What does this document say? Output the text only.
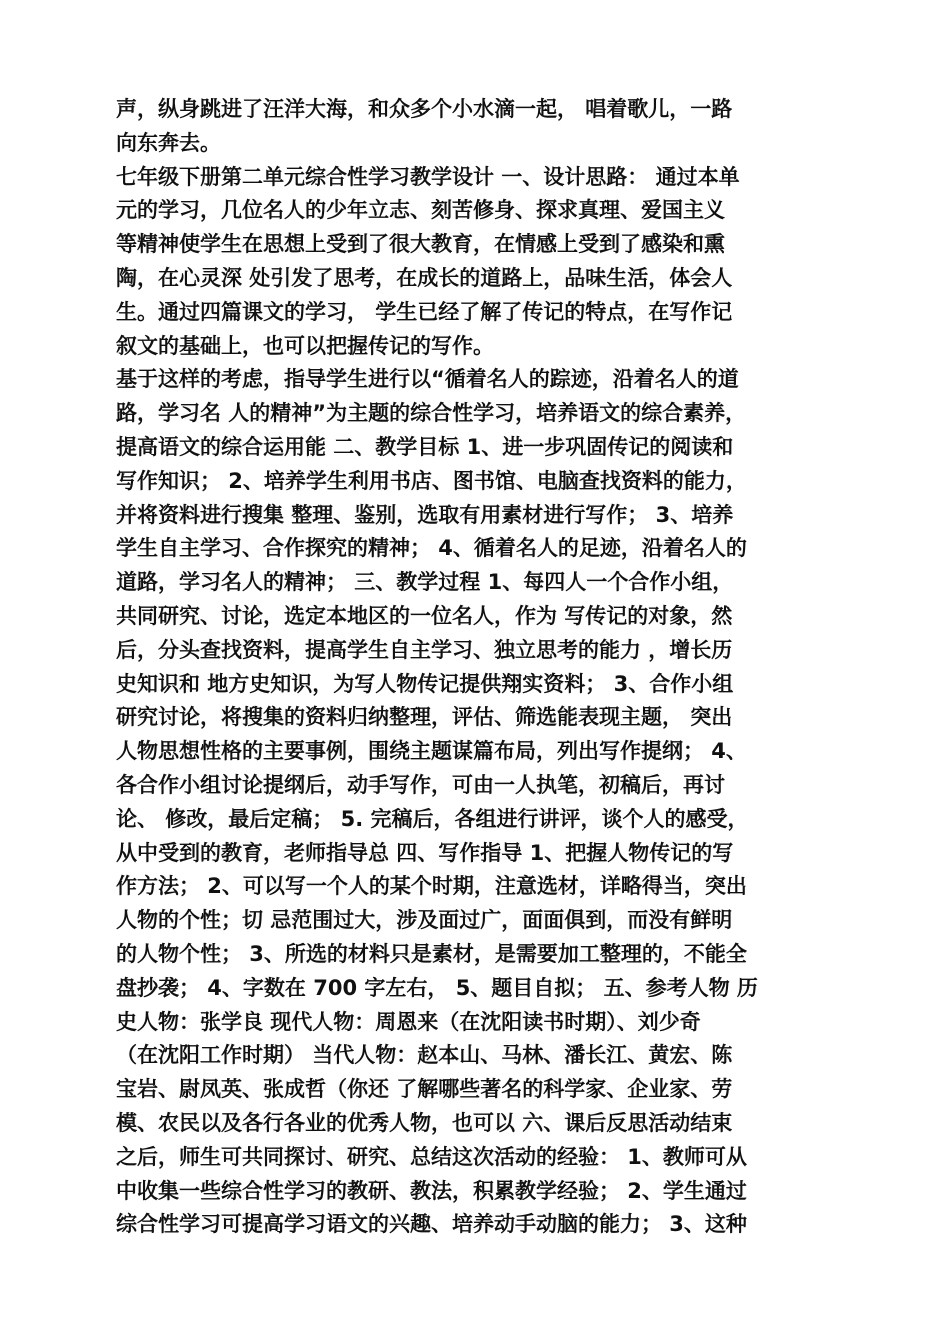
声，纵身跳进了汪洋大海，和众多个小水滴一起， 唱着歌儿，一路
向东奔去。
七年级下册第二单元综合性学习教学设计 一、设计思路： 通过本单
元的学习，几位名人的少年立志、刻苦修身、探求真理、爱国主义
等精神使学生在思想上受到了很大教育，在情感上受到了感染和熏
陶，在心灵深 处引发了思考，在成长的道路上，品味生活，体会人
生。通过四篇课文的学习， 学生已经了解了传记的特点，在写作记
叙文的基础上，也可以把握传记的写作。
基于这样的考虑，指导学生进行以“循着名人的踪迹，沿着名人的道
路，学习名 人的精神”为主题的综合性学习，培养语文的综合素养，
提高语文的综合运用能 二、教学目标 1、进一步巩固传记的阅读和
写作知识； 2、培养学生利用书店、图书馆、电脑查找资料的能力，
并将资料进行搜集 整理、鉴别，选取有用素材进行写作； 3、培养
学生自主学习、合作探究的精神； 4、循着名人的足迹，沿着名人的
道路，学习名人的精神； 三、教学过程 1、每四人一个合作小组，
共同研究、讨论，选定本地区的一位名人，作为 写传记的对象，然
后，分头查找资料，提高学生自主学习、独立思考的能力 ，增长历
史知识和 地方史知识，为写人物传记提供翔实资料； 3、合作小组
研究讨论，将搜集的资料归纳整理，评估、筛选能表现主题， 突出
人物思想性格的主要事例，围绕主题谋篇布局，列出写作提纲； 4、
各合作小组讨论提纲后，动手写作，可由一人执笔，初稿后，再讨
论、 修改，最后定稿； 5. 完稿后，各组进行讲评，谈个人的感受，
从中受到的教育，老师指导总 四、写作指导 1、把握人物传记的写
作方法； 2、可以写一个人的某个时期，注意选材，详略得当，突出
人物的个性；切 忌范围过大，涉及面过广，面面俱到，而没有鲜明
的人物个性； 3、所选的材料只是素材，是需要加工整理的，不能全
盘抄袭； 4、字数在 700 字左右， 5、题目自拟； 五、参考人物 历
史人物：张学良 现代人物：周恩来（在沈阳读书时期）、刘少奇
（在沈阳工作时期） 当代人物：赵本山、马林、潘长江、黄宏、陈
宝岩、尉凤英、张成哲（你还 了解哪些著名的科学家、企业家、劳
模、农民以及各行各业的优秀人物，也可以 六、课后反思活动结束
之后，师生可共同探讨、研究、总结这次活动的经验： 1、教师可从
中收集一些综合性学习的教研、教法，积累教学经验； 2、学生通过
综合性学习可提高学习语文的兴趣、培养动手动脑的能力； 3、这种
